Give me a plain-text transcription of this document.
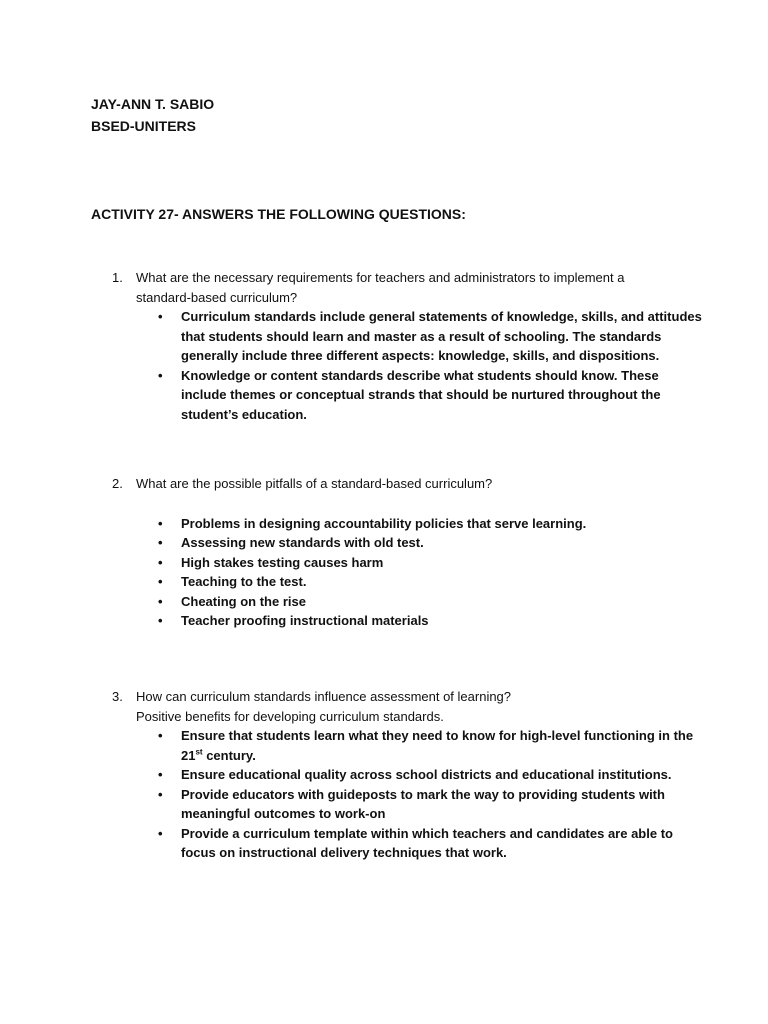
JAY-ANN T. SABIO

BSED-UNITERS

ACTIVITY 27- ANSWERS THE FOLLOWING QUESTIONS:

1.	What are the necessary requirements for teachers and administrators to implement a
standard-based curriculum?
• Curriculum standards include general statements of knowledge, skills, and attitudes that students should learn and master as a result of schooling. The standards generally include three different aspects: knowledge, skills, and dispositions.
• Knowledge or content standards describe what students should know. These include themes or conceptual strands that should be nurtured throughout the student’s education.
2.	What are the possible pitfalls of a standard-based curriculum?
• Problems in designing accountability policies that serve learning.
• Assessing new standards with old test.
• High stakes testing causes harm
• Teaching to the test.
• Cheating on the rise
• Teacher proofing instructional materials
3.	How can curriculum standards influence assessment of learning?
Positive benefits for developing curriculum standards.
• Ensure that students learn what they need to know for high-level functioning in the 21st century.
• Ensure educational quality across school districts and educational institutions.
• Provide educators with guideposts to mark the way to providing students with meaningful outcomes to work-on
• Provide a curriculum template within which teachers and candidates are able to focus on instructional delivery techniques that work.
